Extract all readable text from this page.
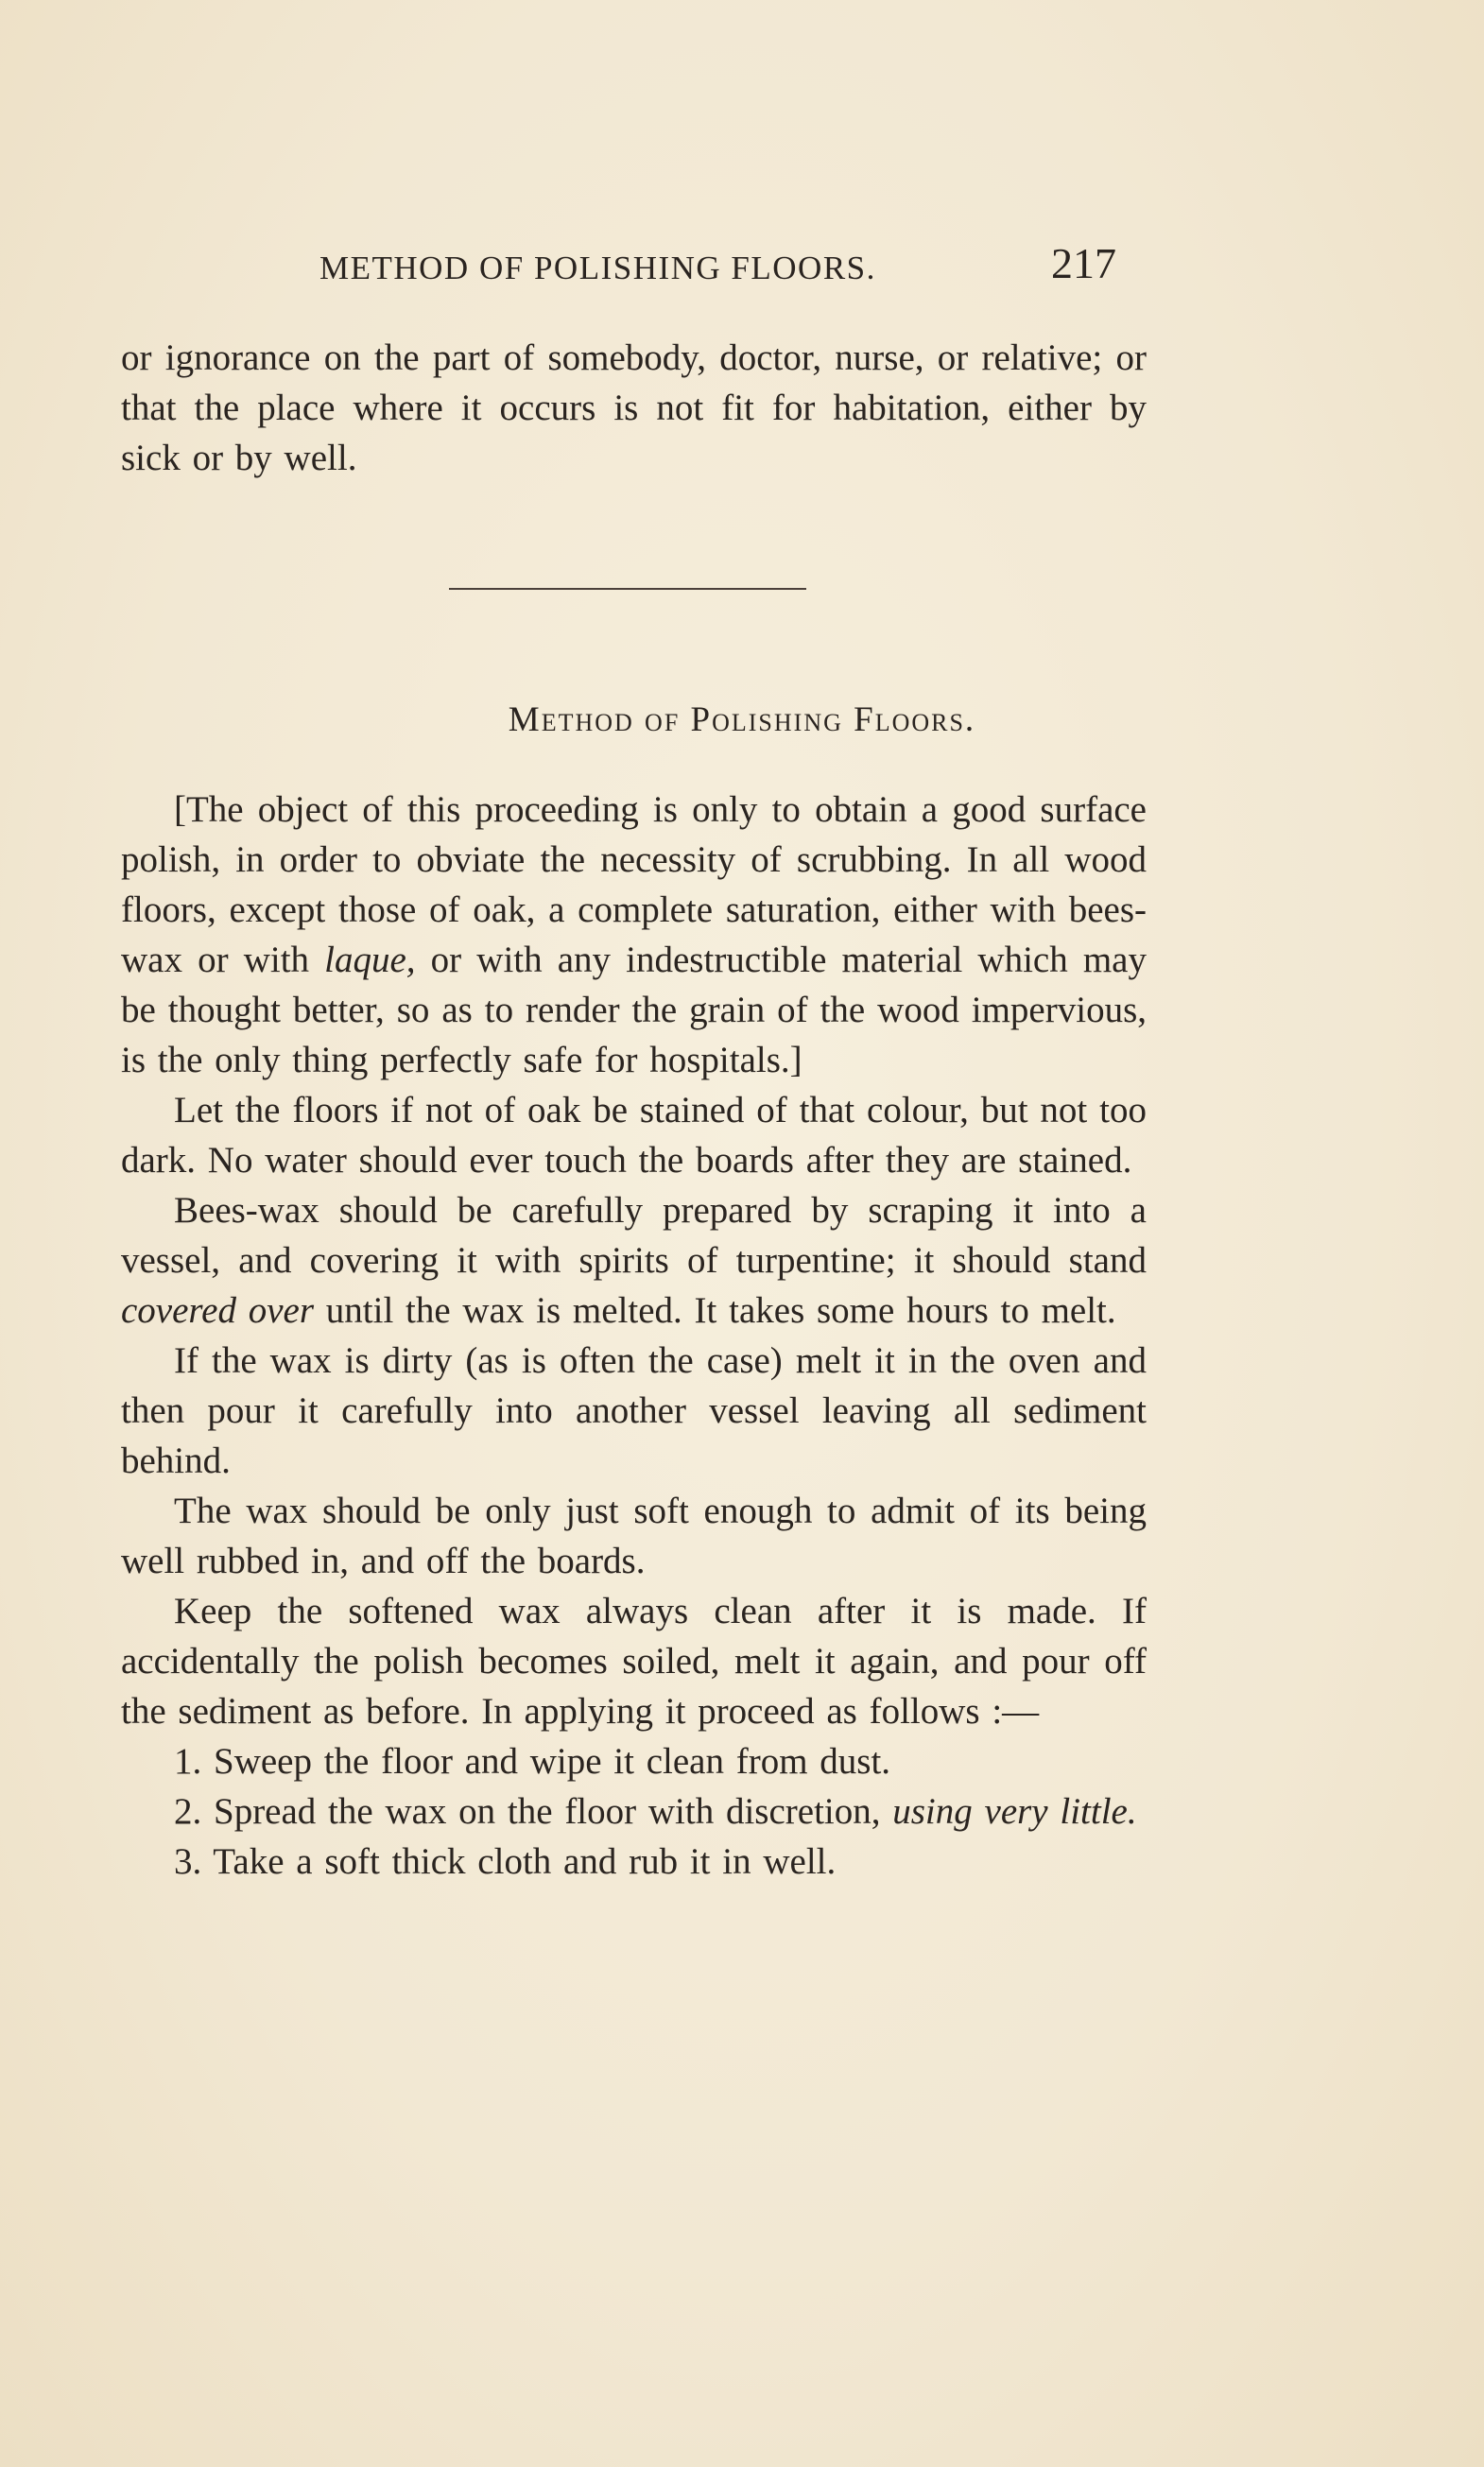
METHOD OF POLISHING FLOORS.	217

or ignorance on the part of somebody, doctor, nurse, or relative; or that the place where it occurs is not fit for habitation, either by sick or by well.

Method of Polishing Floors.

[The object of this proceeding is only to obtain a good surface polish, in order to obviate the necessity of scrubbing. In all wood floors, except those of oak, a complete saturation, either with bees-wax or with laque, or with any indestructible material which may be thought better, so as to render the grain of the wood impervious, is the only thing perfectly safe for hospitals.]

Let the floors if not of oak be stained of that colour, but not too dark. No water should ever touch the boards after they are stained.

Bees-wax should be carefully prepared by scraping it into a vessel, and covering it with spirits of turpentine; it should stand covered over until the wax is melted. It takes some hours to melt.

If the wax is dirty (as is often the case) melt it in the oven and then pour it carefully into another vessel leaving all sediment behind.

The wax should be only just soft enough to admit of its being well rubbed in, and off the boards.

Keep the softened wax always clean after it is made. If accidentally the polish becomes soiled, melt it again, and pour off the sediment as before. In applying it proceed as follows :—

1. Sweep the floor and wipe it clean from dust.

2. Spread the wax on the floor with discretion, using very little.

3. Take a soft thick cloth and rub it in well.
